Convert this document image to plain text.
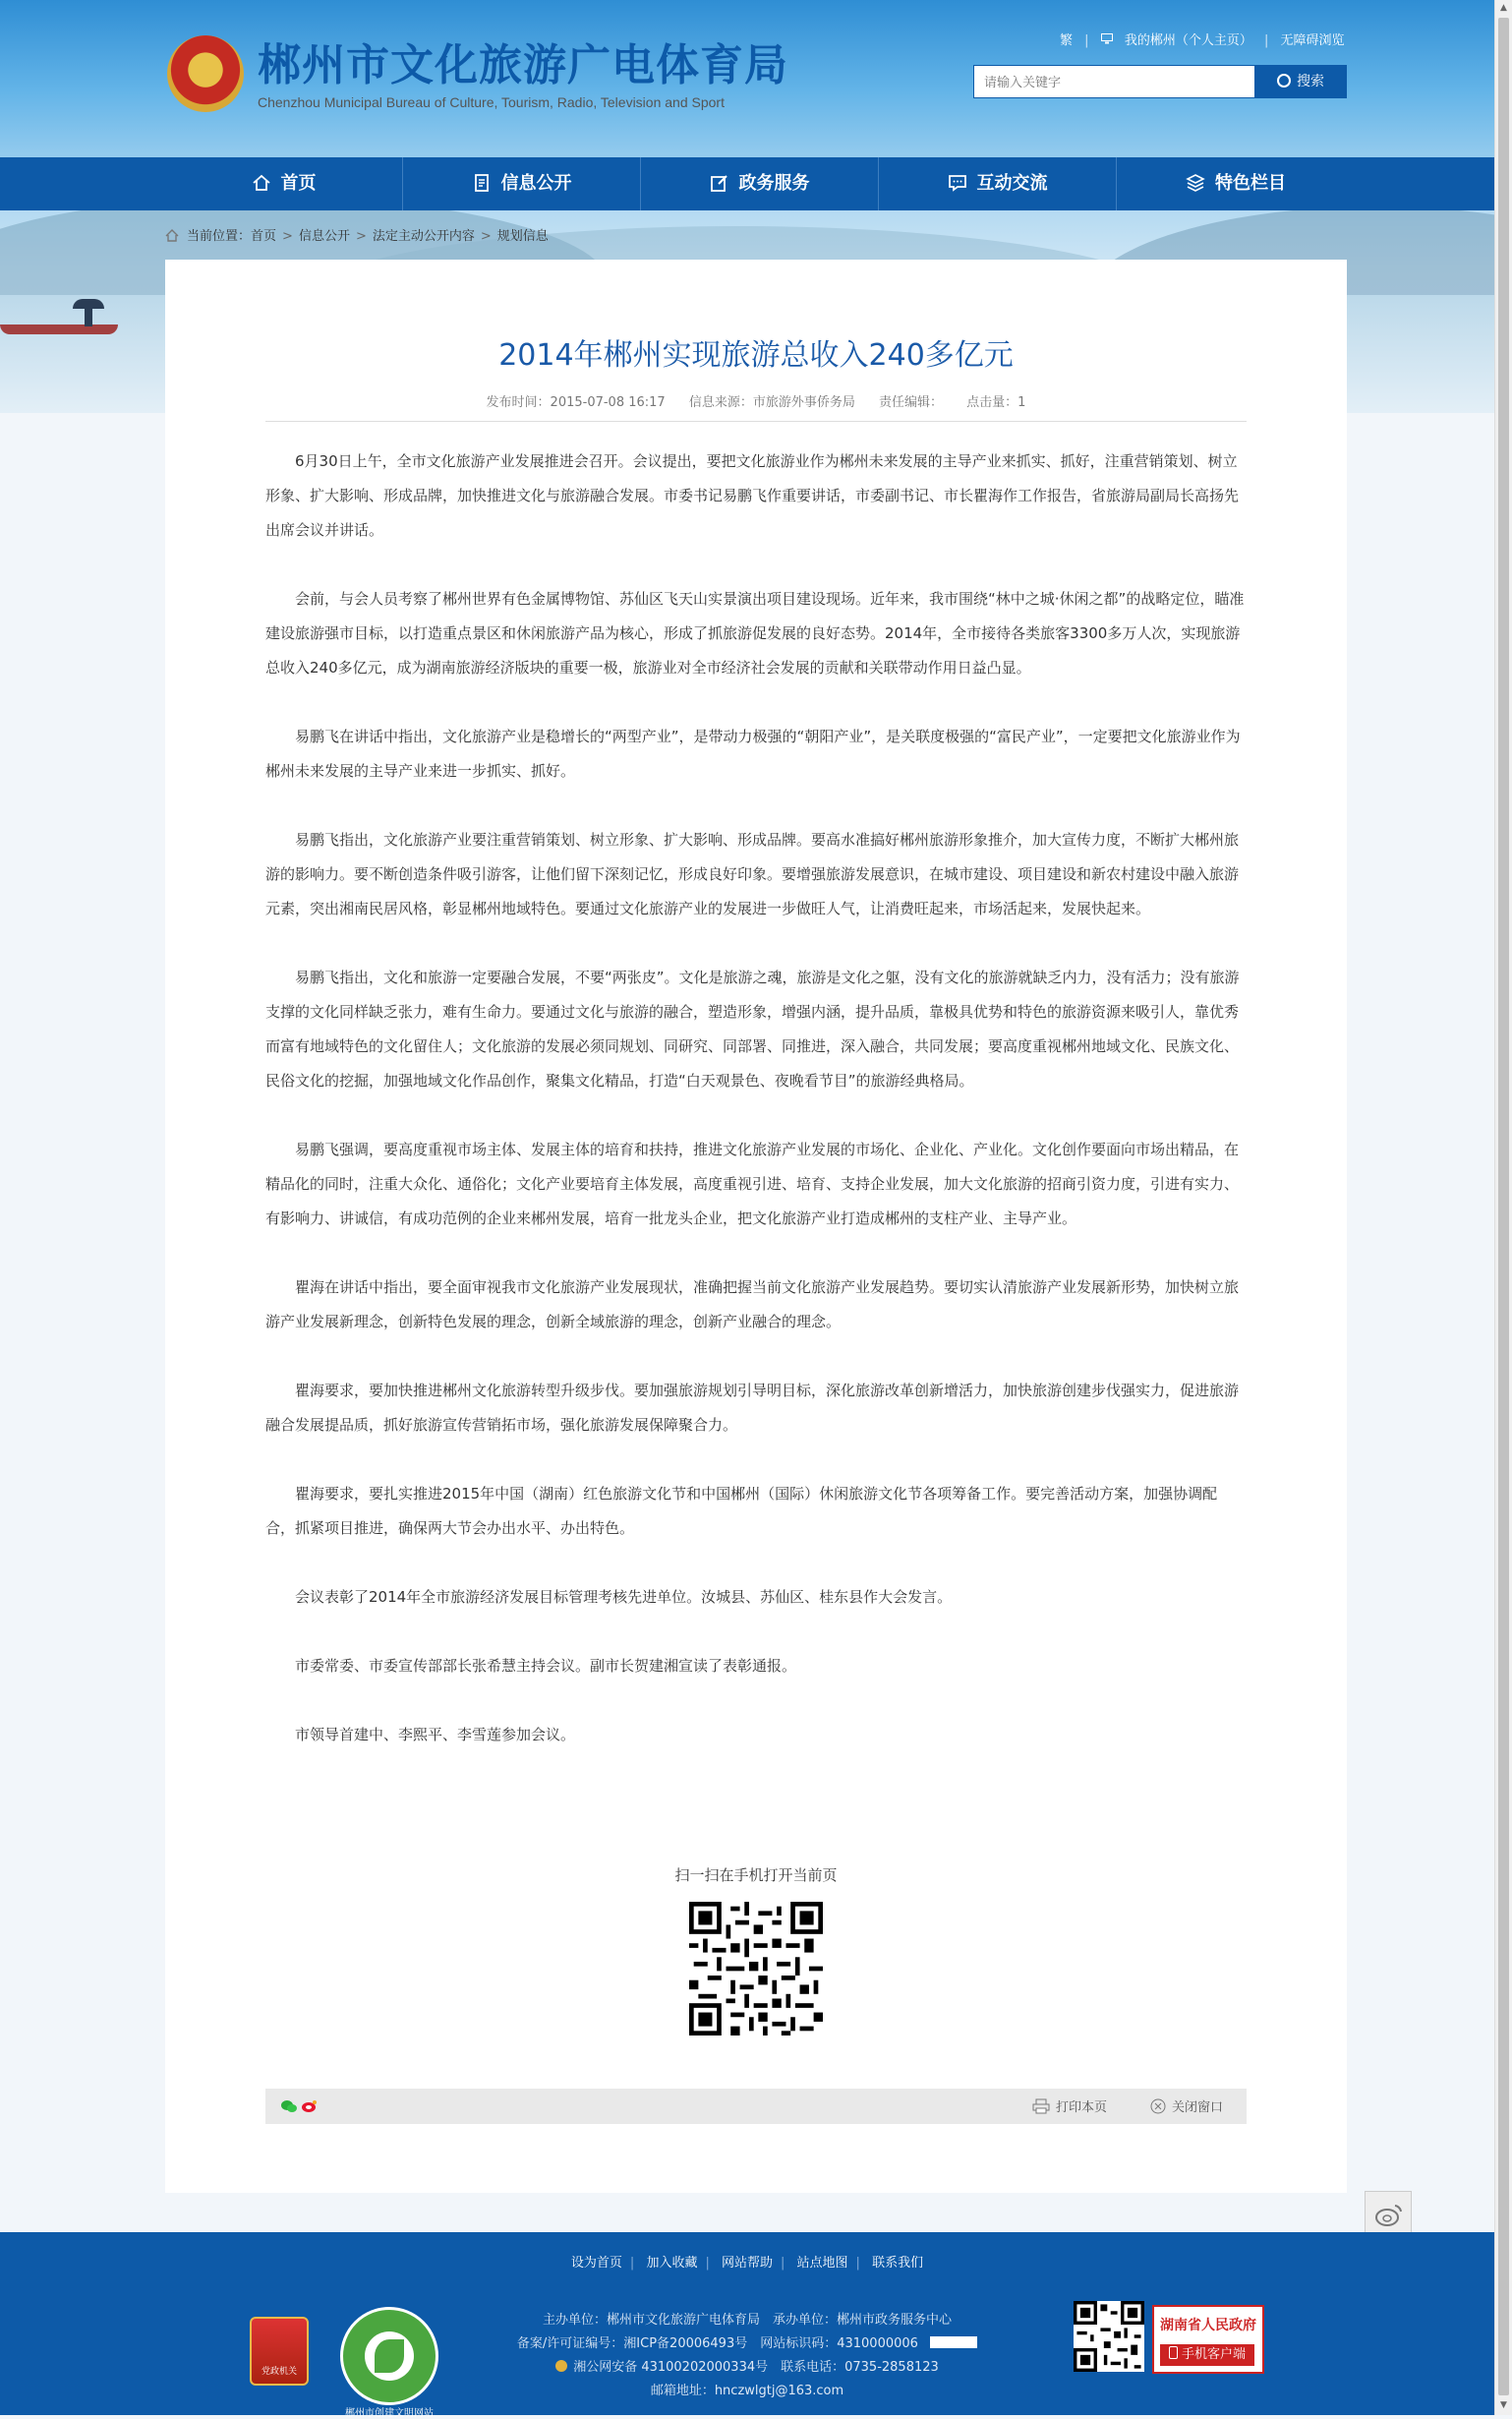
郴州市文化旅游广电体育局
Chenzhou Municipal Bureau of Culture, Tourism, Radio, Television and Sport
繁 |	我的郴州（个人主页） | 无障碍浏览
请输入关键字
搜索
首页	信息公开	政务服务	互动交流	特色栏目
当前位置：首页 > 信息公开 > 法定主动公开内容 > 规划信息
2014年郴州实现旅游总收入240多亿元
发布时间：2015-07-08 16:17 信息来源：市旅游外事侨务局 责任编辑： 点击量：1

6月30日上午，全市文化旅游产业发展推进会召开。会议提出，要把文化旅游业作为郴州未来发展的主导产业来抓实、抓好，注重营销策划、树立形象、扩大影响、形成品牌，加快推进文化与旅游融合发展。市委书记易鹏飞作重要讲话，市委副书记、市长瞿海作工作报告，省旅游局副局长高扬先出席会议并讲话。

会前，与会人员考察了郴州世界有色金属博物馆、苏仙区飞天山实景演出项目建设现场。近年来，我市围绕“林中之城·休闲之都”的战略定位，瞄准建设旅游强市目标，以打造重点景区和休闲旅游产品为核心，形成了抓旅游促发展的良好态势。2014年，全市接待各类旅客3300多万人次，实现旅游总收入240多亿元，成为湖南旅游经济版块的重要一极，旅游业对全市经济社会发展的贡献和关联带动作用日益凸显。

易鹏飞在讲话中指出，文化旅游产业是稳增长的“两型产业”，是带动力极强的“朝阳产业”，是关联度极强的“富民产业”，一定要把文化旅游业作为郴州未来发展的主导产业来进一步抓实、抓好。

易鹏飞指出，文化旅游产业要注重营销策划、树立形象、扩大影响、形成品牌。要高水准搞好郴州旅游形象推介，加大宣传力度，不断扩大郴州旅游的影响力。要不断创造条件吸引游客，让他们留下深刻记忆，形成良好印象。要增强旅游发展意识，在城市建设、项目建设和新农村建设中融入旅游元素，突出湘南民居风格，彰显郴州地域特色。要通过文化旅游产业的发展进一步做旺人气，让消费旺起来，市场活起来，发展快起来。

易鹏飞指出，文化和旅游一定要融合发展，不要“两张皮”。文化是旅游之魂，旅游是文化之躯，没有文化的旅游就缺乏内力，没有活力；没有旅游支撑的文化同样缺乏张力，难有生命力。要通过文化与旅游的融合，塑造形象，增强内涵，提升品质，靠极具优势和特色的旅游资源来吸引人，靠优秀而富有地域特色的文化留住人；文化旅游的发展必须同规划、同研究、同部署、同推进，深入融合，共同发展；要高度重视郴州地域文化、民族文化、民俗文化的挖掘，加强地域文化作品创作，聚集文化精品，打造“白天观景色、夜晚看节目”的旅游经典格局。

易鹏飞强调，要高度重视市场主体、发展主体的培育和扶持，推进文化旅游产业发展的市场化、企业化、产业化。文化创作要面向市场出精品，在精品化的同时，注重大众化、通俗化；文化产业要培育主体发展，高度重视引进、培育、支持企业发展，加大文化旅游的招商引资力度，引进有实力、有影响力、讲诚信，有成功范例的企业来郴州发展，培育一批龙头企业，把文化旅游产业打造成郴州的支柱产业、主导产业。

瞿海在讲话中指出，要全面审视我市文化旅游产业发展现状，准确把握当前文化旅游产业发展趋势。要切实认清旅游产业发展新形势，加快树立旅游产业发展新理念，创新特色发展的理念，创新全域旅游的理念，创新产业融合的理念。

瞿海要求，要加快推进郴州文化旅游转型升级步伐。要加强旅游规划引导明目标，深化旅游改革创新增活力，加快旅游创建步伐强实力，促进旅游融合发展提品质，抓好旅游宣传营销拓市场，强化旅游发展保障聚合力。

瞿海要求，要扎实推进2015年中国（湖南）红色旅游文化节和中国郴州（国际）休闲旅游文化节各项筹备工作。要完善活动方案，加强协调配合，抓紧项目推进，确保两大节会办出水平、办出特色。

会议表彰了2014年全市旅游经济发展目标管理考核先进单位。汝城县、苏仙区、桂东县作大会发言。

市委常委、市委宣传部部长张希慧主持会议。副市长贺建湘宣读了表彰通报。

市领导首建中、李熙平、李雪莲参加会议。

扫一扫在手机打开当前页

打印本页	关闭窗口
设为首页 | 加入收藏 | 网站帮助 | 站点地图 | 联系我们
党政机关
郴州市创建文明网站
主办单位：郴州市文化旅游广电体育局　承办单位：郴州市政务服务中心
备案/许可证编号：湘ICP备20006493号　网站标识码：4310000006
湘公网安备 43100202000334号　联系电话：0735-2858123
邮箱地址：hnczwlgtj@163.com
湖南省人民政府
手机客户端
▲
▼
